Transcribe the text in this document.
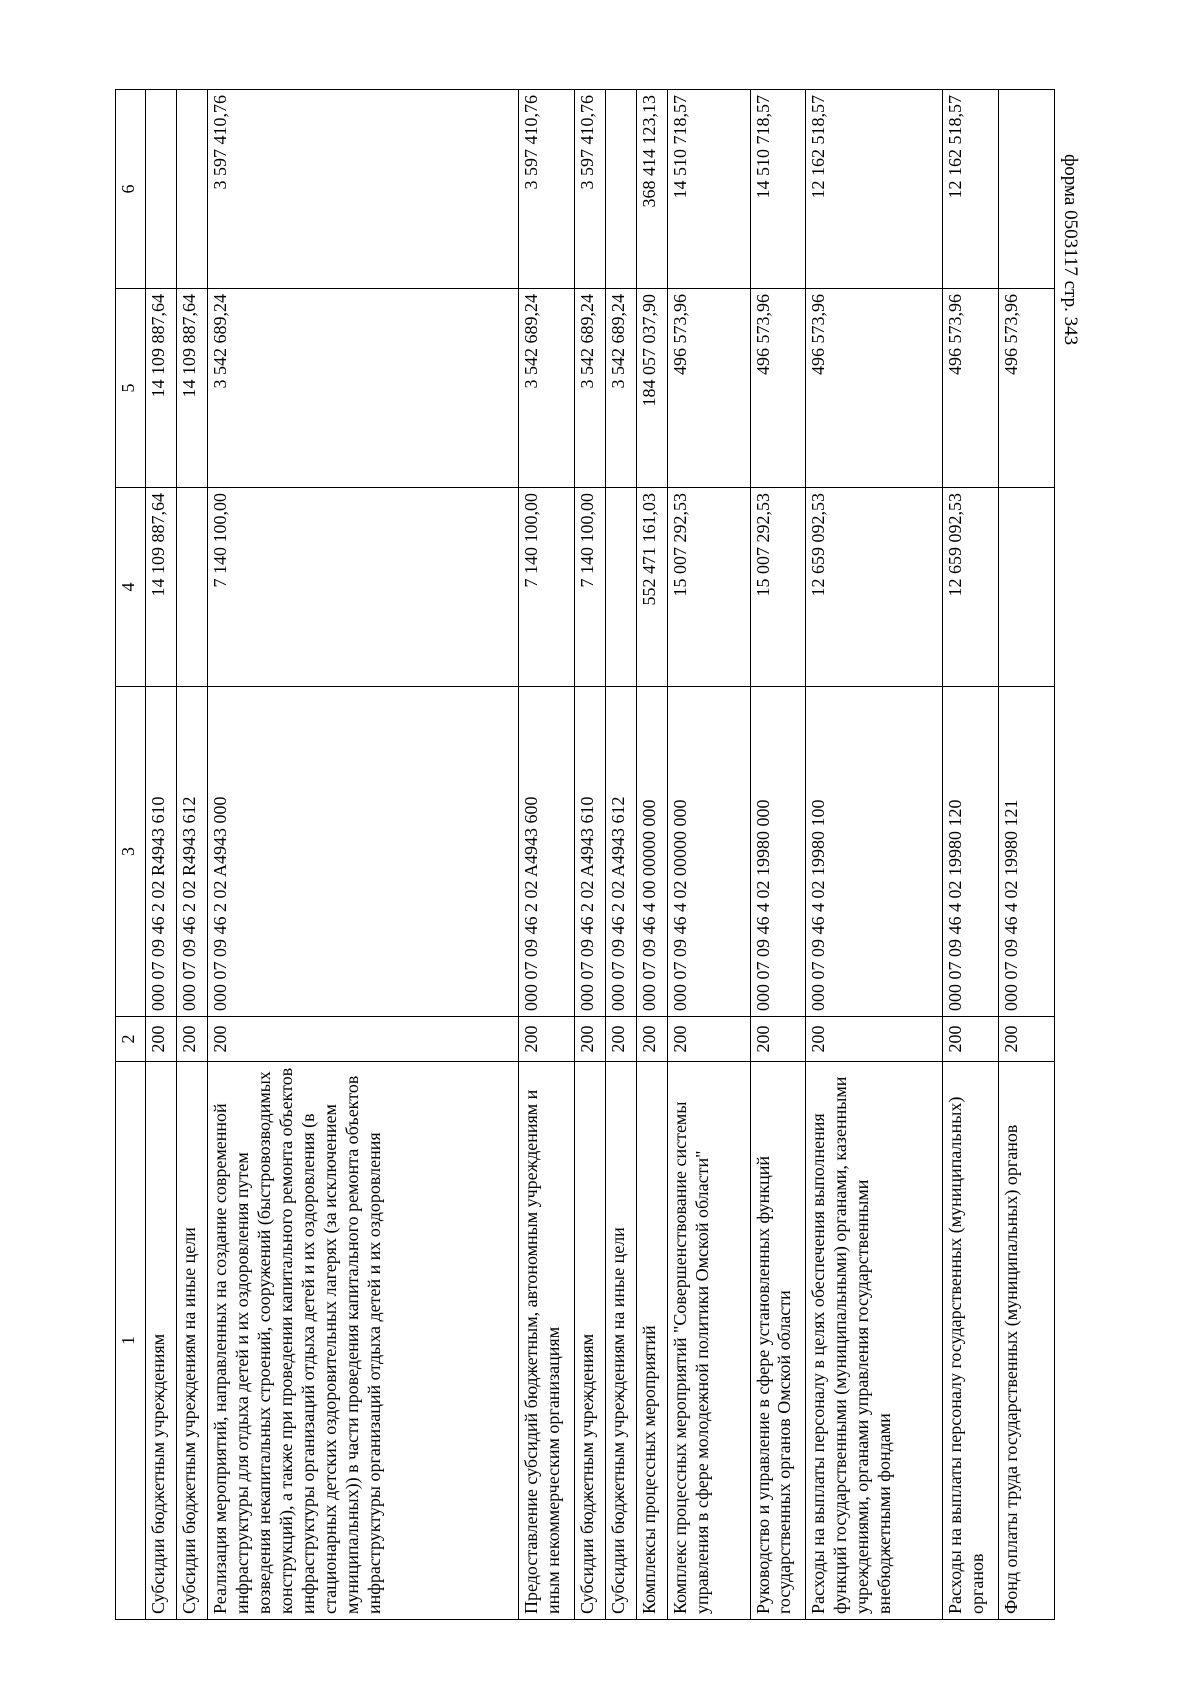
форма 0503117 стр. 343
1	2	3	4	5	6
Субсидии бюджетным учреждениям	200	000 07 09 46 2 02 R4943 610	14 109 887,64	14 109 887,64	
Субсидии бюджетным учреждениям на иные цели	200	000 07 09 46 2 02 R4943 612		14 109 887,64	
Реализация мероприятий, направленных на создание современной инфраструктуры для отдыха детей и их оздоровления путем возведения некапитальных строений, сооружений (быстровозводимых конструкций), а также при проведении капитального ремонта объектов инфраструктуры организаций отдыха детей и их оздоровления (в стационарных детских оздоровительных лагерях (за исключением муниципальных)) в части проведения капитального ремонта объектов инфраструктуры организаций отдыха детей и их оздоровления	200	000 07 09 46 2 02 A4943 000	7 140 100,00	3 542 689,24	3 597 410,76
Предоставление субсидий бюджетным, автономным учреждениям и иным некоммерческим организациям	200	000 07 09 46 2 02 A4943 600	7 140 100,00	3 542 689,24	3 597 410,76
Субсидии бюджетным учреждениям	200	000 07 09 46 2 02 A4943 610	7 140 100,00	3 542 689,24	3 597 410,76
Субсидии бюджетным учреждениям на иные цели	200	000 07 09 46 2 02 A4943 612		3 542 689,24	
Комплексы процессных мероприятий	200	000 07 09 46 4 00 00000 000	552 471 161,03	184 057 037,90	368 414 123,13
Комплекс процессных мероприятий "Совершенствование системы управления в сфере молодежной политики Омской области"	200	000 07 09 46 4 02 00000 000	15 007 292,53	496 573,96	14 510 718,57
Руководство и управление в сфере установленных функций государственных органов Омской области	200	000 07 09 46 4 02 19980 000	15 007 292,53	496 573,96	14 510 718,57
Расходы на выплаты персоналу в целях обеспечения выполнения функций государственными (муниципальными) органами, казенными учреждениями, органами управления государственными внебюджетными фондами	200	000 07 09 46 4 02 19980 100	12 659 092,53	496 573,96	12 162 518,57
Расходы на выплаты персоналу государственных (муниципальных) органов	200	000 07 09 46 4 02 19980 120	12 659 092,53	496 573,96	12 162 518,57
Фонд оплаты труда государственных (муниципальных) органов	200	000 07 09 46 4 02 19980 121		496 573,96	
